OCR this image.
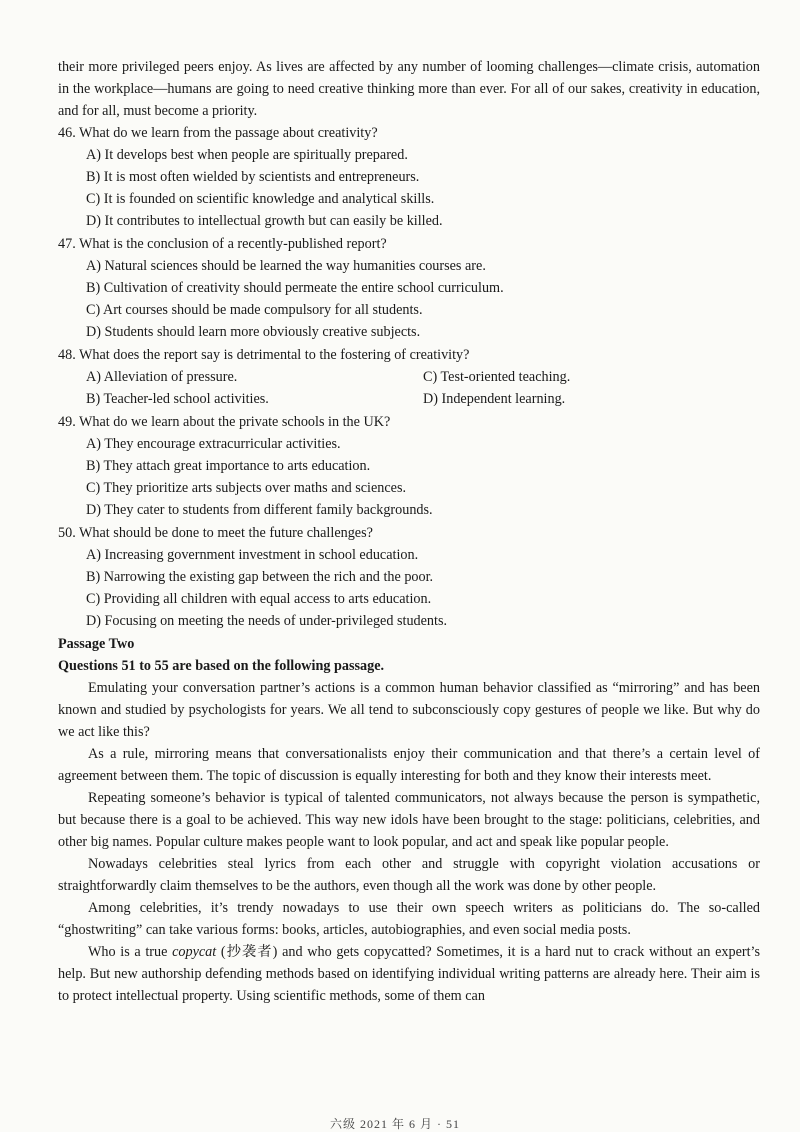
their more privileged peers enjoy. As lives are affected by any number of looming challenges—climate crisis, automation in the workplace—humans are going to need creative thinking more than ever. For all of our sakes, creativity in education, and for all, must become a priority.

46. What do we learn from the passage about creativity?

A) It develops best when people are spiritually prepared.

B) It is most often wielded by scientists and entrepreneurs.

C) It is founded on scientific knowledge and analytical skills.

D) It contributes to intellectual growth but can easily be killed.

47. What is the conclusion of a recently-published report?

A) Natural sciences should be learned the way humanities courses are.

B) Cultivation of creativity should permeate the entire school curriculum.

C) Art courses should be made compulsory for all students.

D) Students should learn more obviously creative subjects.

48. What does the report say is detrimental to the fostering of creativity?

A) Alleviation of pressure.	C) Test-oriented teaching.
B) Teacher-led school activities.	D) Independent learning.

49. What do we learn about the private schools in the UK?

A) They encourage extracurricular activities.

B) They attach great importance to arts education.

C) They prioritize arts subjects over maths and sciences.

D) They cater to students from different family backgrounds.

50. What should be done to meet the future challenges?

A) Increasing government investment in school education.

B) Narrowing the existing gap between the rich and the poor.

C) Providing all children with equal access to arts education.

D) Focusing on meeting the needs of under-privileged students.

Passage Two

Questions 51 to 55 are based on the following passage.

Emulating your conversation partner’s actions is a common human behavior classified as “mirroring” and has been known and studied by psychologists for years. We all tend to subconsciously copy gestures of people we like. But why do we act like this?

As a rule, mirroring means that conversationalists enjoy their communication and that there’s a certain level of agreement between them. The topic of discussion is equally interesting for both and they know their interests meet.

Repeating someone’s behavior is typical of talented communicators, not always because the person is sympathetic, but because there is a goal to be achieved. This way new idols have been brought to the stage: politicians, celebrities, and other big names. Popular culture makes people want to look popular, and act and speak like popular people.

Nowadays celebrities steal lyrics from each other and struggle with copyright violation accusations or straightforwardly claim themselves to be the authors, even though all the work was done by other people.

Among celebrities, it’s trendy nowadays to use their own speech writers as politicians do. The so-called “ghostwriting” can take various forms: books, articles, autobiographies, and even social media posts.

Who is a true copycat (抄袭者) and who gets copycatted? Sometimes, it is a hard nut to crack without an expert’s help. But new authorship defending methods based on identifying individual writing patterns are already here. Their aim is to protect intellectual property. Using scientific methods, some of them can

六级 2021 年 6 月 · 51
